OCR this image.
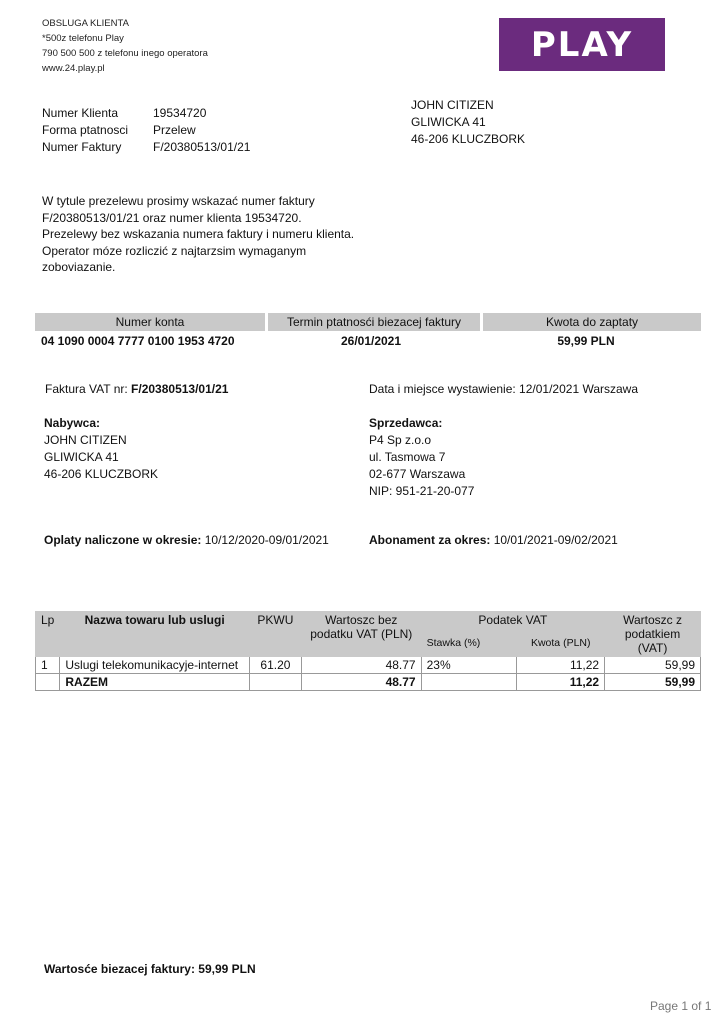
OBSLUGA KLIENTA
*500z telefonu Play
790 500 500 z telefonu inego operatora
www.24.play.pl
PLAY
Numer Klienta	19534720
Forma ptatnosci	Przelew
Numer Faktury	F/20380513/01/21
JOHN CITIZEN
GLIWICKA 41
46-206 KLUCZBORK
W tytule prezelewu prosimy wskazać numer faktury
F/20380513/01/21 oraz numer klienta 19534720.
Prezelewy bez wskazania numera faktury i numeru klienta.
Operator móze rozliczić z najtarzsim wymaganym
zoboviazanie.
Numer konta	Termin ptatnosći biezacej faktury	Kwota do zaptaty
04 1090 0004 7777 0100 1953 4720	26/01/2021	59,99 PLN
Faktura VAT nr: F/20380513/01/21	Data i miejsce wystawienie: 12/01/2021 Warszawa
Nabywca:
JOHN CITIZEN
GLIWICKA 41
46-206 KLUCZBORK
Sprzedawca:
P4 Sp z.o.o
ul. Tasmowa 7
02-677 Warszawa
NIP: 951-21-20-077
Oplaty naliczone w okresie: 10/12/2020-09/01/2021	Abonament za okres: 10/01/2021-09/02/2021
Lp	Nazwa towaru lub uslugi	PKWU	Wartoszc bez podatku VAT (PLN)	Podatek VAT		Wartoszc z podatkiem (VAT)
				Stawka (%)	Kwota (PLN)	
1	Uslugi telekomunikacyje-internet	61.20	48.77	23%	11,22	59,99
	RAZEM		48.77		11,22	59,99
Wartosće biezacej faktury: 59,99 PLN
Page 1 of 1
